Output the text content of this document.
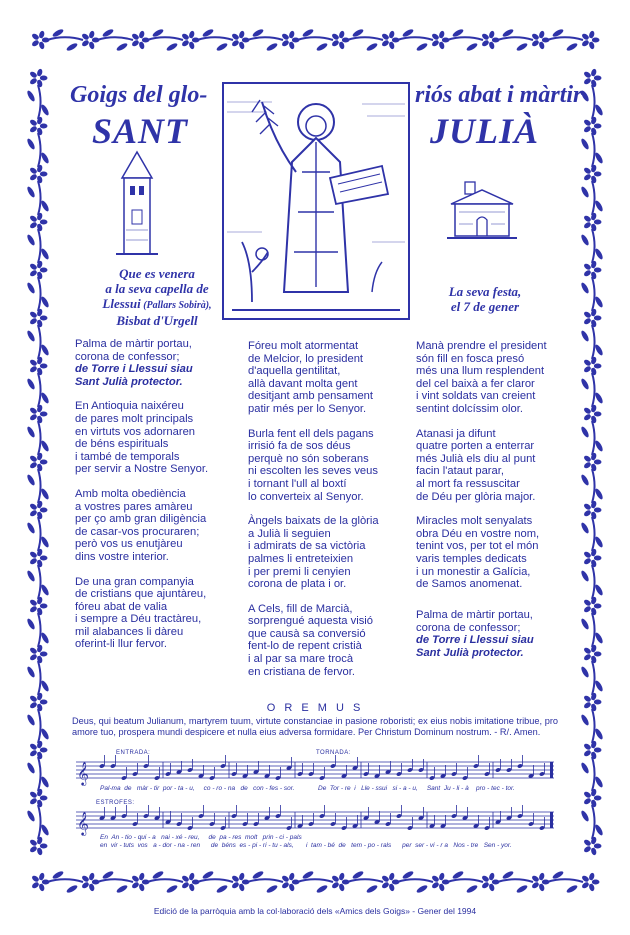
Goigs del glo-	riós abat i màrtir
SANT	JULIÀ
Que es venera
a la seva capella de
Llessui (Pallars Sobirà),
Bisbat d'Urgell
La seva festa,
el 7 de gener
Palma de màrtir portau,
corona de confessor;
de Torre i Llessui siau
Sant Julià protector.
En Antioquia naixéreu
de pares molt principals
en virtuts vos adornaren
de béns espirituals
i també de temporals
per servir a Nostre Senyor.
Amb molta obediència
a vostres pares amàreu
per ço amb gran diligència
de casar-vos procuraren;
però vos us enutjàreu
dins vostre interior.
De una gran companyia
de cristians que ajuntàreu,
fóreu abat de valia
i sempre a Déu tractàreu,
mil alabances li dàreu
oferint-li llur fervor.
Fóreu molt atormentat
de Melcior, lo president
d'aquella gentilitat,
allà davant molta gent
desitjant amb pensament
patir més per lo Senyor.
Burla fent ell dels pagans
irrisió fa de sos déus
perquè no són soberans
ni escolten les seves veus
i tornant l'ull al boxtí
lo converteix al Senyor.
Àngels baixats de la glòria
a Julià li seguien
i admirats de sa victòria
palmes li entreteixien
i per premi li cenyien
corona de plata i or.
A Cels, fill de Marcià,
sorprengué aquesta visió
que causà sa conversió
fent-lo de repent cristià
i al par sa mare trocà
en cristiana de fervor.
Manà prendre el president
són fill en fosca presó
més una llum resplendent
del cel baixà a fer claror
i vint soldats van creient
sentint dolcíssim olor.
Atanasi ja difunt
quatre porten a enterrar
més Julià els diu al punt
facin l'ataut parar,
al mort fa ressuscitar
de Déu per glòria major.
Miracles molt senyalats
obra Déu en vostre nom,
tenint vos, per tot el món
varis temples dedicats
i un monestir a Galícia,
de Samos anomenat.

Palma de màrtir portau,
corona de confessor;
de Torre i Llessui siau
Sant Julià protector.
O R E M U S
Deus, qui beatum Julianum, martyrem tuum, virtute constanciae in pasione roboristi; ex eius nobis imitatione tribue, pro amore tuo, prospera mundi despicere et nulla eius adversa formidare. Per Christum Dominum nostrum. - R/. Amen.
𝄞
𝄞
ENTRADA:	TORNADA:
ESTROFES:
Pal-ma  de   màr - tir  por - ta - u,     co - ro - na   de   con - fes - sor.	De  Tor - re  i   Lle - ssui   si - a - u,     Sant  Ju - li - à    pro - tec - tor.
En  An - tio - qui - a   nai - xé - reu,     de  pa - res  molt   prin - ci - pals
en  vir - tuts  vos   a - dor - na - ren      de  béns  es - pi - ri - tu - als, i  tam - bé  de   tem - po - rals      per  ser - vi - r a   Nos - tre   Sen - yor.
Edició de la parròquia amb la col·laboració dels «Amics dels Goigs» - Gener del 1994
